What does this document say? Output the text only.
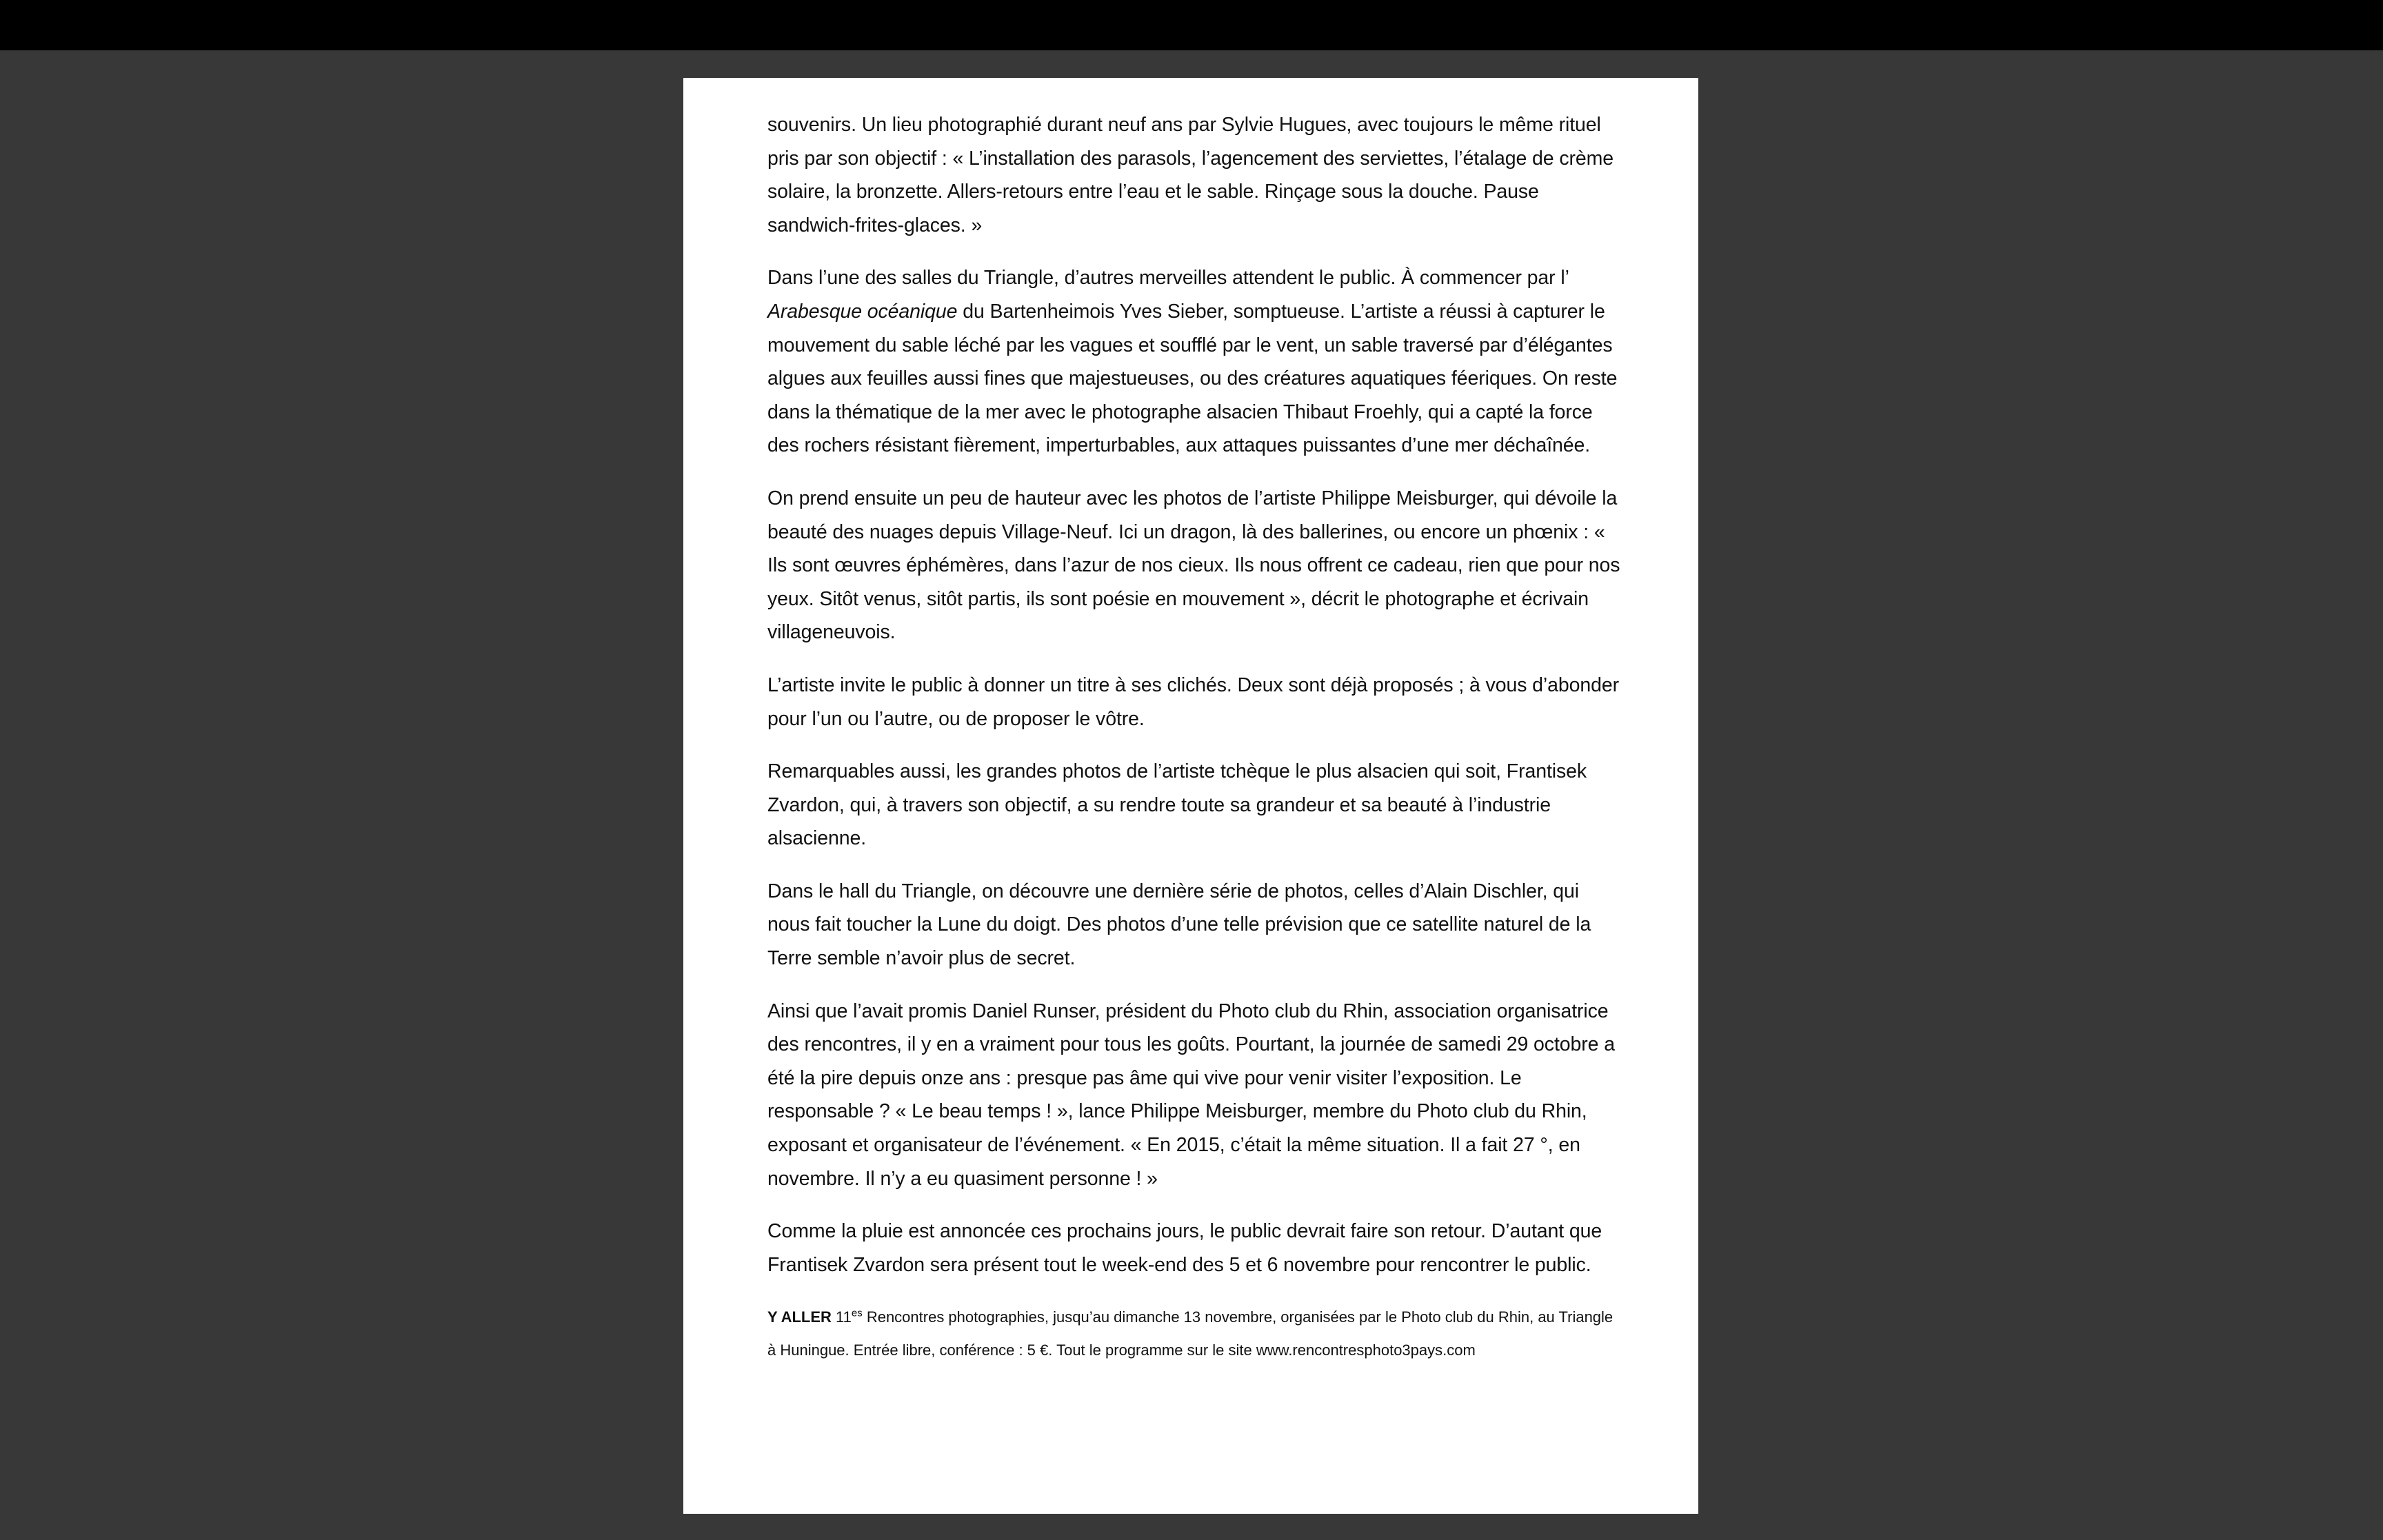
souvenirs. Un lieu photographié durant neuf ans par Sylvie Hugues, avec toujours le même rituel pris par son objectif : « L’installation des parasols, l’agencement des serviettes, l’étalage de crème solaire, la bronzette. Allers-retours entre l’eau et le sable. Rinçage sous la douche. Pause sandwich-frites-glaces. »

Dans l’une des salles du Triangle, d’autres merveilles attendent le public. À commencer par l’ Arabesque océanique du Bartenheimois Yves Sieber, somptueuse. L’artiste a réussi à capturer le mouvement du sable léché par les vagues et soufflé par le vent, un sable traversé par d’élégantes algues aux feuilles aussi fines que majestueuses, ou des créatures aquatiques féeriques. On reste dans la thématique de la mer avec le photographe alsacien Thibaut Froehly, qui a capté la force des rochers résistant fièrement, imperturbables, aux attaques puissantes d’une mer déchaînée.

On prend ensuite un peu de hauteur avec les photos de l’artiste Philippe Meisburger, qui dévoile la beauté des nuages depuis Village-Neuf. Ici un dragon, là des ballerines, ou encore un phœnix : « Ils sont œuvres éphémères, dans l’azur de nos cieux. Ils nous offrent ce cadeau, rien que pour nos yeux. Sitôt venus, sitôt partis, ils sont poésie en mouvement », décrit le photographe et écrivain villageneuvois.

L’artiste invite le public à donner un titre à ses clichés. Deux sont déjà proposés ; à vous d’abonder pour l’un ou l’autre, ou de proposer le vôtre.

Remarquables aussi, les grandes photos de l’artiste tchèque le plus alsacien qui soit, Frantisek Zvardon, qui, à travers son objectif, a su rendre toute sa grandeur et sa beauté à l’industrie alsacienne.

Dans le hall du Triangle, on découvre une dernière série de photos, celles d’Alain Dischler, qui nous fait toucher la Lune du doigt. Des photos d’une telle prévision que ce satellite naturel de la Terre semble n’avoir plus de secret.

Ainsi que l’avait promis Daniel Runser, président du Photo club du Rhin, association organisatrice des rencontres, il y en a vraiment pour tous les goûts. Pourtant, la journée de samedi 29 octobre a été la pire depuis onze ans : presque pas âme qui vive pour venir visiter l’exposition. Le responsable ? « Le beau temps ! », lance Philippe Meisburger, membre du Photo club du Rhin, exposant et organisateur de l’événement. « En 2015, c’était la même situation. Il a fait 27 °, en novembre. Il n’y a eu quasiment personne ! »

Comme la pluie est annoncée ces prochains jours, le public devrait faire son retour. D’autant que Frantisek Zvardon sera présent tout le week-end des 5 et 6 novembre pour rencontrer le public.

Y ALLER $11^{es}$ Rencontres photographies, jusqu’au dimanche 13 novembre, organisées par le Photo club du Rhin, au Triangle à Huningue. Entrée libre, conférence : 5 €. Tout le programme sur le site www.rencontresphoto3pays.com
